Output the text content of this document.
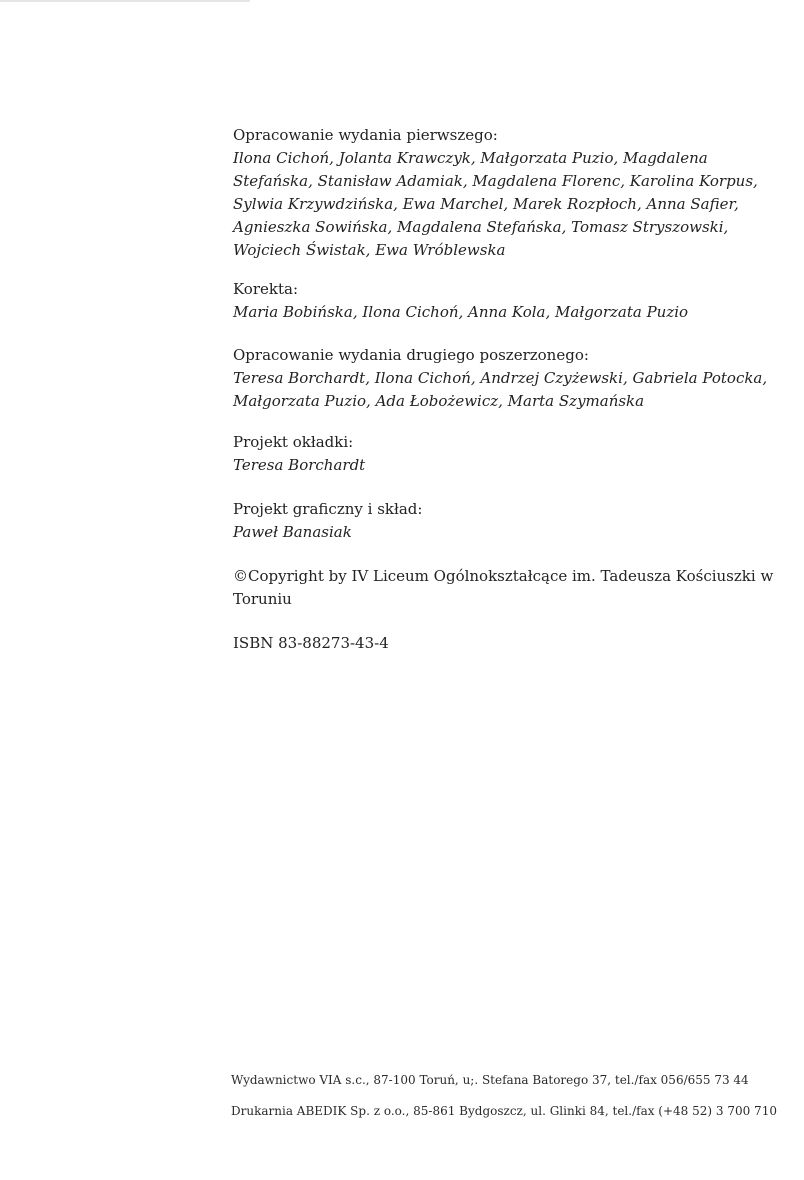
Opracowanie wydania pierwszego:
Ilona Cichoń, Jolanta Krawczyk, Małgorzata Puzio, Magdalena Stefańska, Stanisław Adamiak, Magdalena Florenc, Karolina Korpus, Sylwia Krzywdzińska, Ewa Marchel, Marek Rozpłoch, Anna Safier, Agnieszka Sowińska, Magdalena Stefańska, Tomasz Stryszowski, Wojciech Świstak, Ewa Wróblewska
Korekta:
Maria Bobińska, Ilona Cichoń, Anna Kola, Małgorzata Puzio
Opracowanie wydania drugiego poszerzonego:
Teresa Borchardt, Ilona Cichoń, Andrzej Czyżewski, Gabriela Potocka, Małgorzata Puzio, Ada Łobożewicz, Marta Szymańska
Projekt okładki:
Teresa Borchardt
Projekt graficzny i skład:
Paweł Banasiak
©Copyright by IV Liceum Ogólnokształcące im. Tadeusza Kościuszki w Toruniu
ISBN 83-88273-43-4
Wydawnictwo VIA s.c., 87-100 Toruń, u;. Stefana Batorego 37, tel./fax 056/655 73 44
Drukarnia ABEDIK Sp. z o.o., 85-861 Bydgoszcz, ul. Glinki 84, tel./fax (+48 52) 3 700 710
